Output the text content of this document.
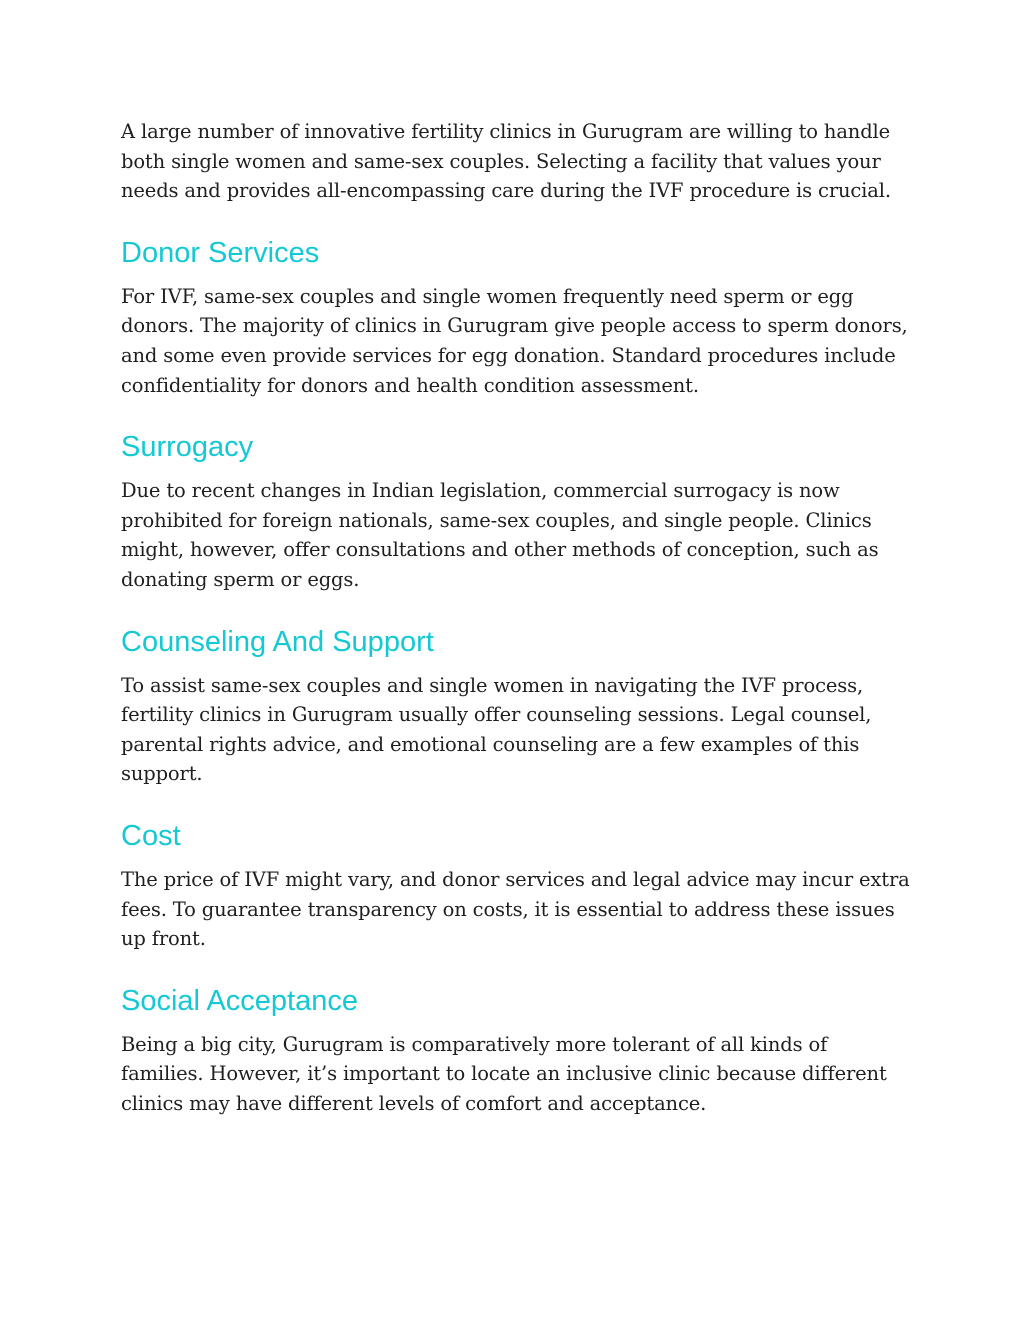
A large number of innovative fertility clinics in Gurugram are willing to handle both single women and same-sex couples. Selecting a facility that values your needs and provides all-encompassing care during the IVF procedure is crucial.

Donor Services

For IVF, same-sex couples and single women frequently need sperm or egg donors. The majority of clinics in Gurugram give people access to sperm donors, and some even provide services for egg donation. Standard procedures include confidentiality for donors and health condition assessment.

Surrogacy

Due to recent changes in Indian legislation, commercial surrogacy is now prohibited for foreign nationals, same-sex couples, and single people. Clinics might, however, offer consultations and other methods of conception, such as donating sperm or eggs.

Counseling And Support

To assist same-sex couples and single women in navigating the IVF process, fertility clinics in Gurugram usually offer counseling sessions. Legal counsel, parental rights advice, and emotional counseling are a few examples of this support.

Cost

The price of IVF might vary, and donor services and legal advice may incur extra fees. To guarantee transparency on costs, it is essential to address these issues up front.

Social Acceptance

Being a big city, Gurugram is comparatively more tolerant of all kinds of families. However, it’s important to locate an inclusive clinic because different clinics may have different levels of comfort and acceptance.
